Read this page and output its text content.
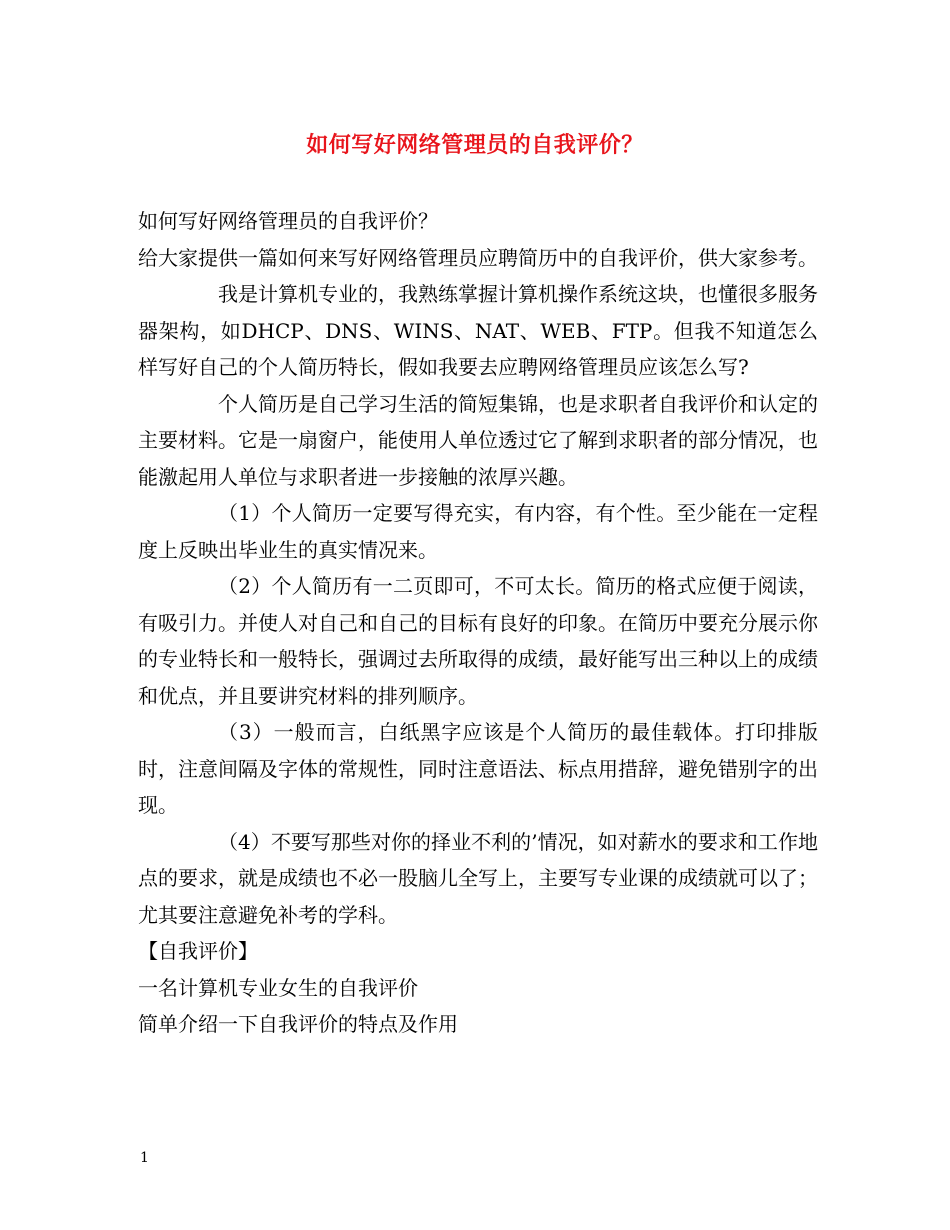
如何写好网络管理员的自我评价？

如何写好网络管理员的自我评价？

给大家提供一篇如何来写好网络管理员应聘简历中的自我评价，供大家参考。

我是计算机专业的，我熟练掌握计算机操作系统这块，也懂很多服务器架构，如DHCP、DNS、WINS、NAT、WEB、FTP。但我不知道怎么样写好自己的个人简历特长，假如我要去应聘网络管理员应该怎么写?

个人简历是自己学习生活的简短集锦，也是求职者自我评价和认定的主要材料。它是一扇窗户，能使用人单位透过它了解到求职者的部分情况，也能激起用人单位与求职者进一步接触的浓厚兴趣。

（1）个人简历一定要写得充实，有内容，有个性。至少能在一定程度上反映出毕业生的真实情况来。

（2）个人简历有一二页即可，不可太长。简历的格式应便于阅读，有吸引力。并使人对自己和自己的目标有良好的印象。在简历中要充分展示你的专业特长和一般特长，强调过去所取得的成绩，最好能写出三种以上的成绩和优点，并且要讲究材料的排列顺序。

（3）一般而言，白纸黑字应该是个人简历的最佳载体。打印排版时，注意间隔及字体的常规性，同时注意语法、标点用措辞，避免错别字的出现。

（4）不要写那些对你的择业不利的’情况，如对薪水的要求和工作地点的要求，就是成绩也不必一股脑儿全写上，主要写专业课的成绩就可以了；尤其要注意避免补考的学科。

【自我评价】

一名计算机专业女生的自我评价

简单介绍一下自我评价的特点及作用

1
